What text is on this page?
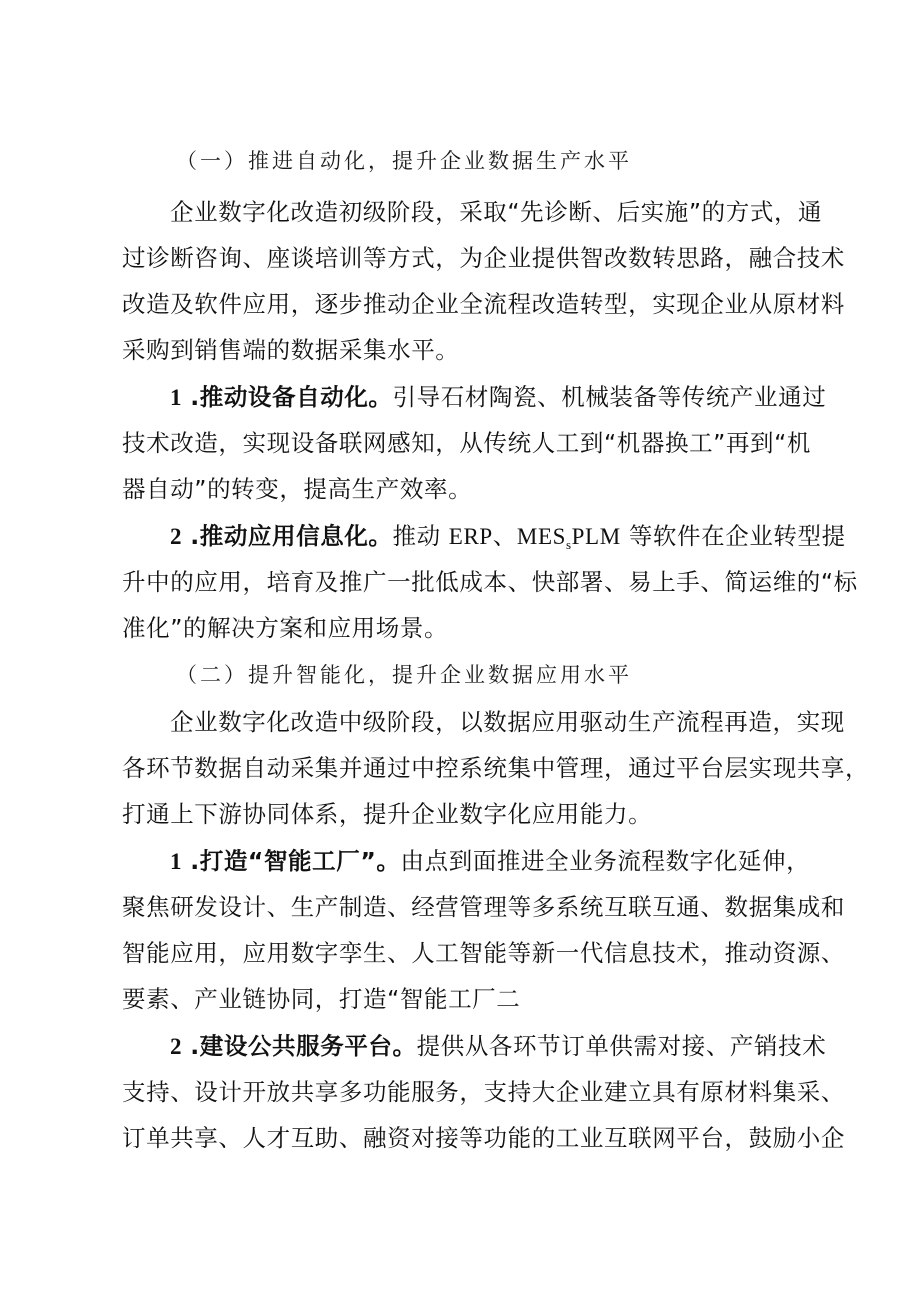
（一）推进自动化，提升企业数据生产水平
企业数字化改造初级阶段，采取“先诊断、后实施”的方式，通
过诊断咨询、座谈培训等方式，为企业提供智改数转思路，融合技术
改造及软件应用，逐步推动企业全流程改造转型，实现企业从原材料
采购到销售端的数据采集水平。
1 .推动设备自动化。引导石材陶瓷、机械装备等传统产业通过
技术改造，实现设备联网感知，从传统人工到“机器换工”再到“机
器自动”的转变，提高生产效率。
2 .推动应用信息化。推动 ERP、$MES_sPLM$ 等软件在企业转型提
升中的应用，培育及推广一批低成本、快部署、易上手、简运维的“标
准化”的解决方案和应用场景。
（二）提升智能化，提升企业数据应用水平
企业数字化改造中级阶段，以数据应用驱动生产流程再造，实现
各环节数据自动采集并通过中控系统集中管理，通过平台层实现共享，
打通上下游协同体系，提升企业数字化应用能力。
1 .打造“智能工厂”。由点到面推进全业务流程数字化延伸，
聚焦研发设计、生产制造、经营管理等多系统互联互通、数据集成和
智能应用，应用数字孪生、人工智能等新一代信息技术，推动资源、
要素、产业链协同，打造“智能工厂二
2 .建设公共服务平台。提供从各环节订单供需对接、产销技术
支持、设计开放共享多功能服务，支持大企业建立具有原材料集采、
订单共享、人才互助、融资对接等功能的工业互联网平台，鼓励小企
